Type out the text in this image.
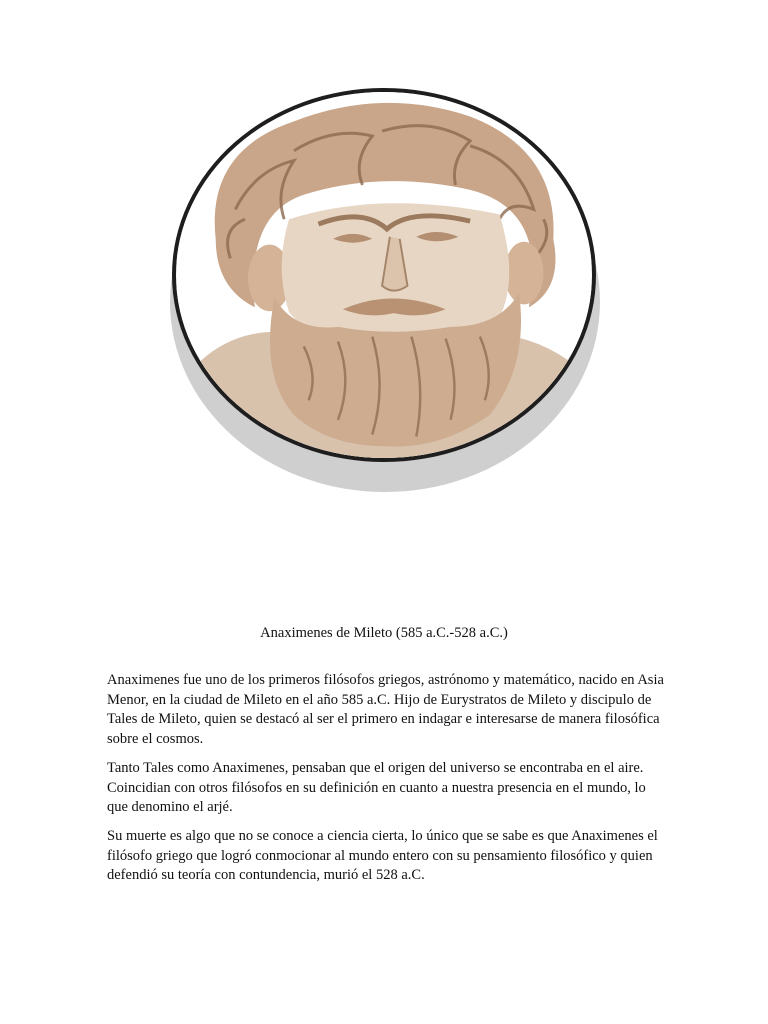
Anaximenes de Mileto (585 a.C.-528 a.C.)

Anaximenes fue uno de los primeros filósofos griegos, astrónomo y matemático, nacido en Asia Menor, en la ciudad de Mileto en el año 585 a.C. Hijo de Eurystratos de Mileto y discipulo de Tales de Mileto, quien se destacó al ser el primero en indagar e interesarse de manera filosófica sobre el cosmos.

Tanto Tales como Anaximenes, pensaban que el origen del universo se encontraba en el aire. Coincidian con otros filósofos en su definición en cuanto a nuestra presencia en el mundo, lo que denomino el arjé.

Su muerte es algo que no se conoce a ciencia cierta, lo único que se sabe es que Anaximenes el filósofo griego que logró conmocionar al mundo entero con su pensamiento filosófico y quien defendió su teoría con contundencia, murió el 528 a.C.
